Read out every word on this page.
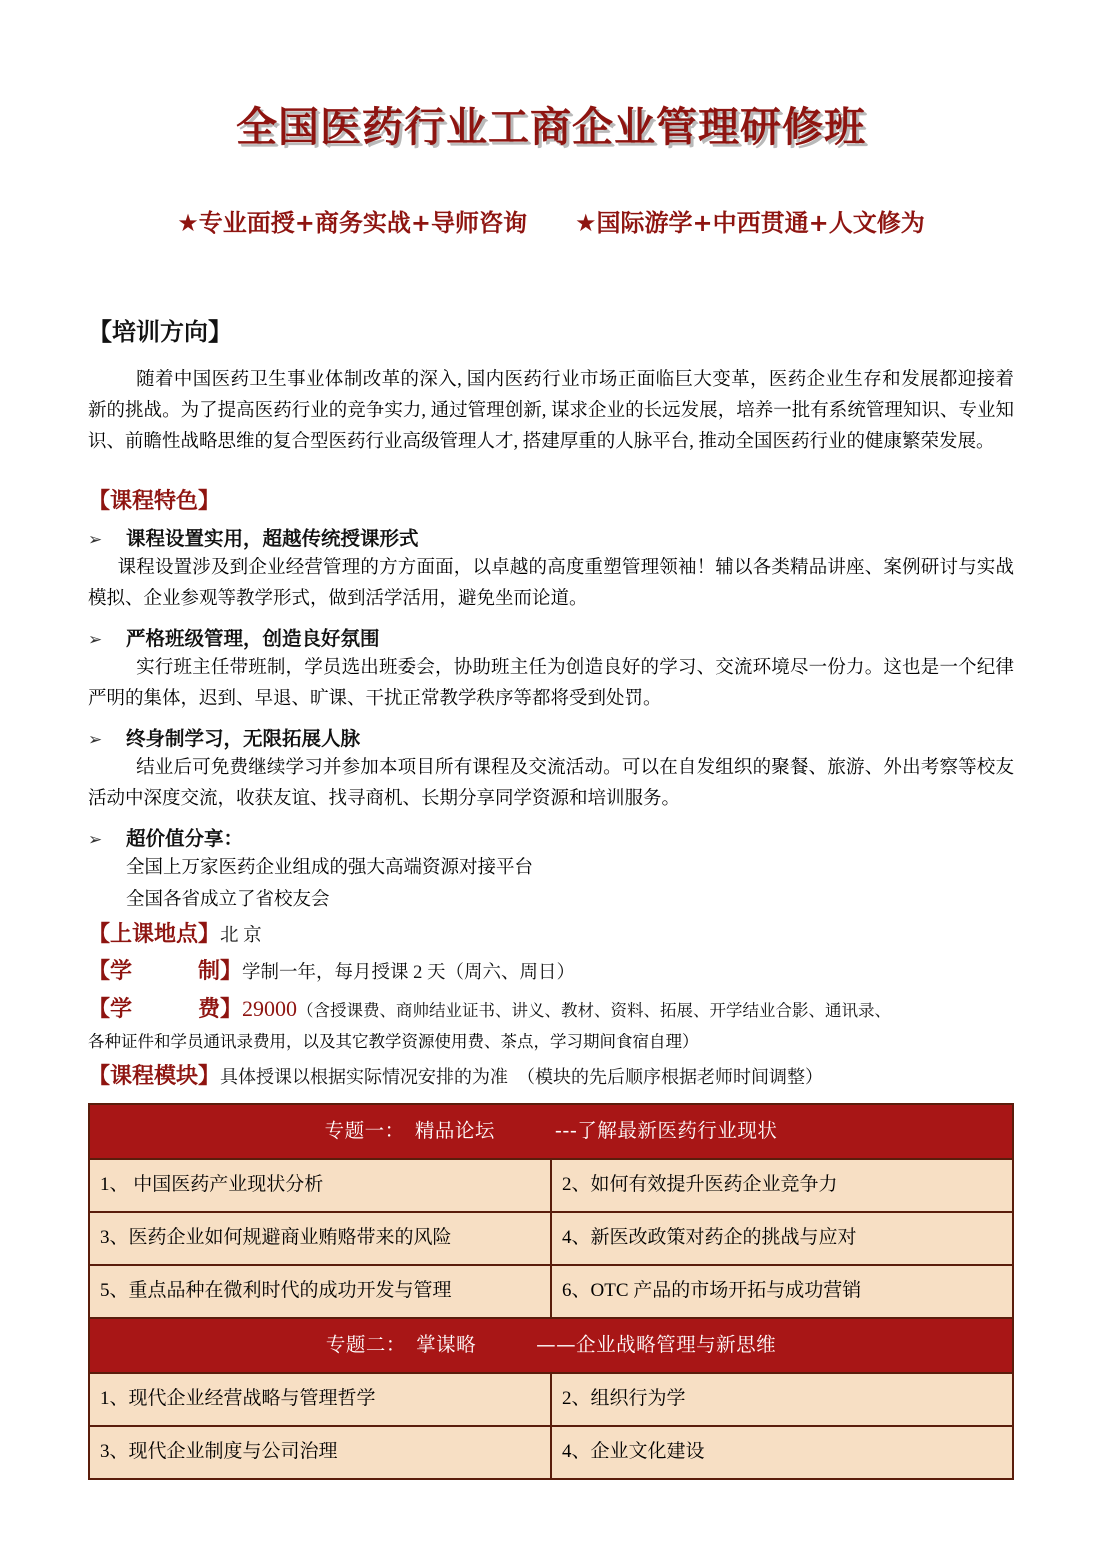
全国医药行业工商企业管理研修班
★专业面授+商务实战+导师咨询　　★国际游学+中西贯通+人文修为
【培训方向】
随着中国医药卫生事业体制改革的深入, 国内医药行业市场正面临巨大变革，医药企业生存和发展都迎接着新的挑战。为了提高医药行业的竞争实力, 通过管理创新, 谋求企业的长远发展，培养一批有系统管理知识、专业知识、前瞻性战略思维的复合型医药行业高级管理人才, 搭建厚重的人脉平台, 推动全国医药行业的健康繁荣发展。
【课程特色】
➢	课程设置实用，超越传统授课形式
课程设置涉及到企业经营管理的方方面面，以卓越的高度重塑管理领袖！辅以各类精品讲座、案例研讨与实战模拟、企业参观等教学形式，做到活学活用，避免坐而论道。
➢	严格班级管理，创造良好氛围
实行班主任带班制，学员选出班委会，协助班主任为创造良好的学习、交流环境尽一份力。这也是一个纪律严明的集体，迟到、早退、旷课、干扰正常教学秩序等都将受到处罚。
➢	终身制学习，无限拓展人脉
结业后可免费继续学习并参加本项目所有课程及交流活动。可以在自发组织的聚餐、旅游、外出考察等校友活动中深度交流，收获友谊、找寻商机、长期分享同学资源和培训服务。
➢	超价值分享：
全国上万家医药企业组成的强大高端资源对接平台
全国各省成立了省校友会
【上课地点】 北 京
【学　　　制】 学制一年，每月授课 2 天（周六、周日）
【学　　　费】 29000（含授课费、商帅结业证书、讲义、教材、资料、拓展、开学结业合影、通讯录、
各种证件和学员通讯录费用，以及其它教学资源使用费、茶点，学习期间食宿自理）
【课程模块】 具体授课以根据实际情况安排的为准　（模块的先后顺序根据老师时间调整）
专题一：　精品论坛　　　---了解最新医药行业现状	
1、 中国医药产业现状分析	2、如何有效提升医药企业竞争力
3、医药企业如何规避商业贿赂带来的风险	4、新医改政策对药企的挑战与应对
5、重点品种在微利时代的成功开发与管理	6、OTC 产品的市场开拓与成功营销
专题二：　掌谋略　　　——企业战略管理与新思维	
1、现代企业经营战略与管理哲学	2、组织行为学
3、现代企业制度与公司治理	4、企业文化建设
